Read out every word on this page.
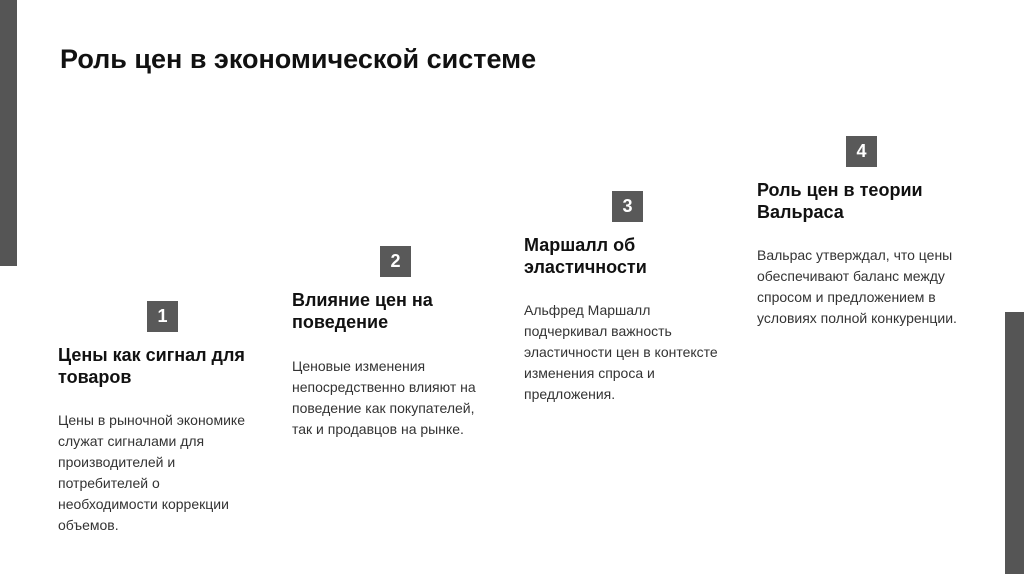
Роль цен в экономической системе
1
Цены как сигнал для товаров
Цены в рыночной экономике служат сигналами для производителей и потребителей о необходимости коррекции объемов.
2
Влияние цен на поведение
Ценовые изменения непосредственно влияют на поведение как покупателей, так и продавцов на рынке.
3
Маршалл об эластичности
Альфред Маршалл подчеркивал важность эластичности цен в контексте изменения спроса и предложения.
4
Роль цен в теории Вальраса
Вальрас утверждал, что цены обеспечивают баланс между спросом и предложением в условиях полной конкуренции.
